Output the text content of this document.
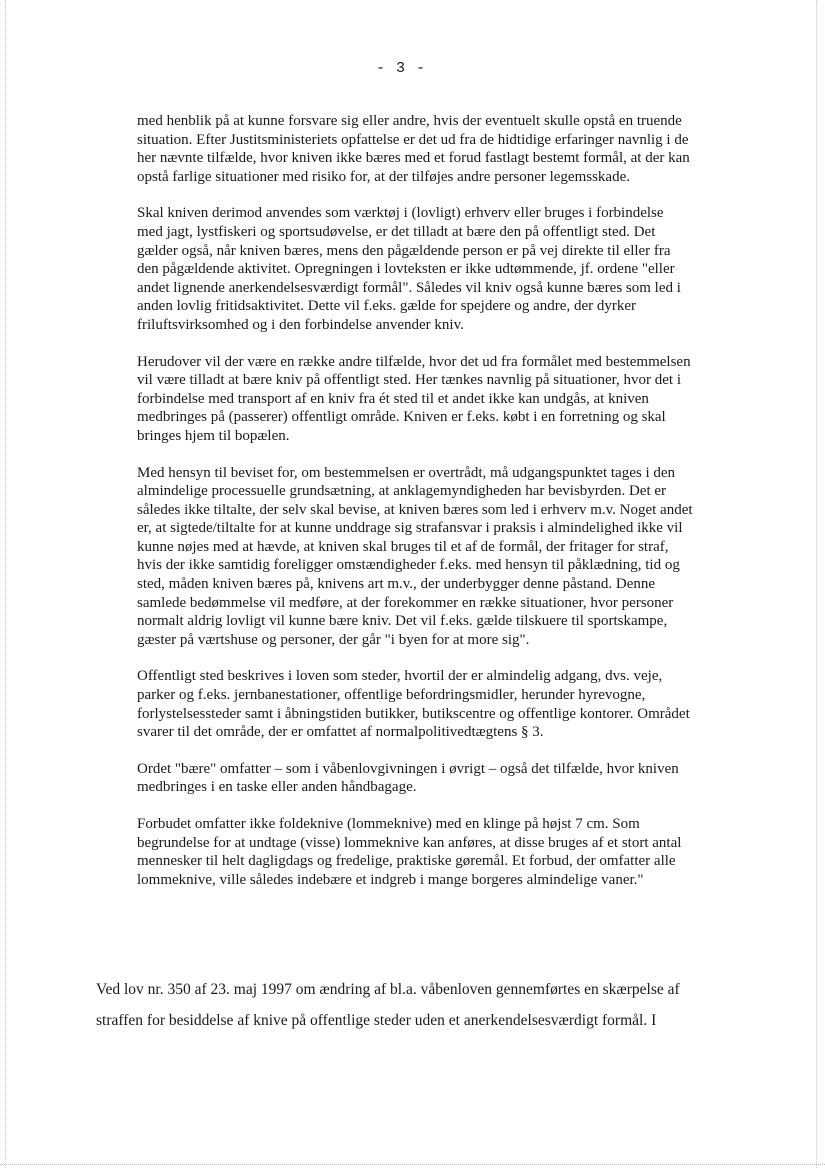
- 3 -

med henblik på at kunne forsvare sig eller andre, hvis der eventuelt skulle opstå en truende situation. Efter Justitsministeriets opfattelse er det ud fra de hidtidige erfaringer navnlig i de her nævnte tilfælde, hvor kniven ikke bæres med et forud fastlagt bestemt formål, at der kan opstå farlige situationer med risiko for, at der tilføjes andre personer legemsskade.

Skal kniven derimod anvendes som værktøj i (lovligt) erhverv eller bruges i forbindelse med jagt, lystfiskeri og sportsudøvelse, er det tilladt at bære den på offentligt sted. Det gælder også, når kniven bæres, mens den pågældende person er på vej direkte til eller fra den pågældende aktivitet. Opregningen i lovteksten er ikke udtømmende, jf. ordene "eller andet lignende anerkendelsesværdigt formål". Således vil kniv også kunne bæres som led i anden lovlig fritidsaktivitet. Dette vil f.eks. gælde for spejdere og andre, der dyrker friluftsvirksomhed og i den forbindelse anvender kniv.

Herudover vil der være en række andre tilfælde, hvor det ud fra formålet med bestemmelsen vil være tilladt at bære kniv på offentligt sted. Her tænkes navnlig på situationer, hvor det i forbindelse med transport af en kniv fra ét sted til et andet ikke kan undgås, at kniven medbringes på (passerer) offentligt område. Kniven er f.eks. købt i en forretning og skal bringes hjem til bopælen.

Med hensyn til beviset for, om bestemmelsen er overtrådt, må udgangspunktet tages i den almindelige processuelle grundsætning, at anklagemyndigheden har bevisbyrden. Det er således ikke tiltalte, der selv skal bevise, at kniven bæres som led i erhverv m.v. Noget andet er, at sigtede/tiltalte for at kunne unddrage sig strafansvar i praksis i almindelighed ikke vil kunne nøjes med at hævde, at kniven skal bruges til et af de formål, der fritager for straf, hvis der ikke samtidig foreligger omstændigheder f.eks. med hensyn til påklædning, tid og sted, måden kniven bæres på, knivens art m.v., der underbygger denne påstand. Denne samlede bedømmelse vil medføre, at der forekommer en række situationer, hvor personer normalt aldrig lovligt vil kunne bære kniv. Det vil f.eks. gælde tilskuere til sportskampe, gæster på værtshuse og personer, der går "i byen for at more sig".

Offentligt sted beskrives i loven som steder, hvortil der er almindelig adgang, dvs. veje, parker og f.eks. jernbanestationer, offentlige befordringsmidler, herunder hyrevogne, forlystelsessteder samt i åbningstiden butikker, butikscentre og offentlige kontorer. Området svarer til det område, der er omfattet af normalpolitivedtægtens § 3.

Ordet "bære" omfatter – som i våbenlovgivningen i øvrigt – også det tilfælde, hvor kniven medbringes i en taske eller anden håndbagage.

Forbudet omfatter ikke foldeknive (lommeknive) med en klinge på højst 7 cm. Som begrundelse for at undtage (visse) lommeknive kan anføres, at disse bruges af et stort antal mennesker til helt dagligdags og fredelige, praktiske gøremål. Et forbud, der omfatter alle lommeknive, ville således indebære et indgreb i mange borgeres almindelige vaner."

Ved lov nr. 350 af 23. maj 1997 om ændring af bl.a. våbenloven gennemførtes en skærpelse af straffen for besiddelse af knive på offentlige steder uden et anerkendelsesværdigt formål. I
